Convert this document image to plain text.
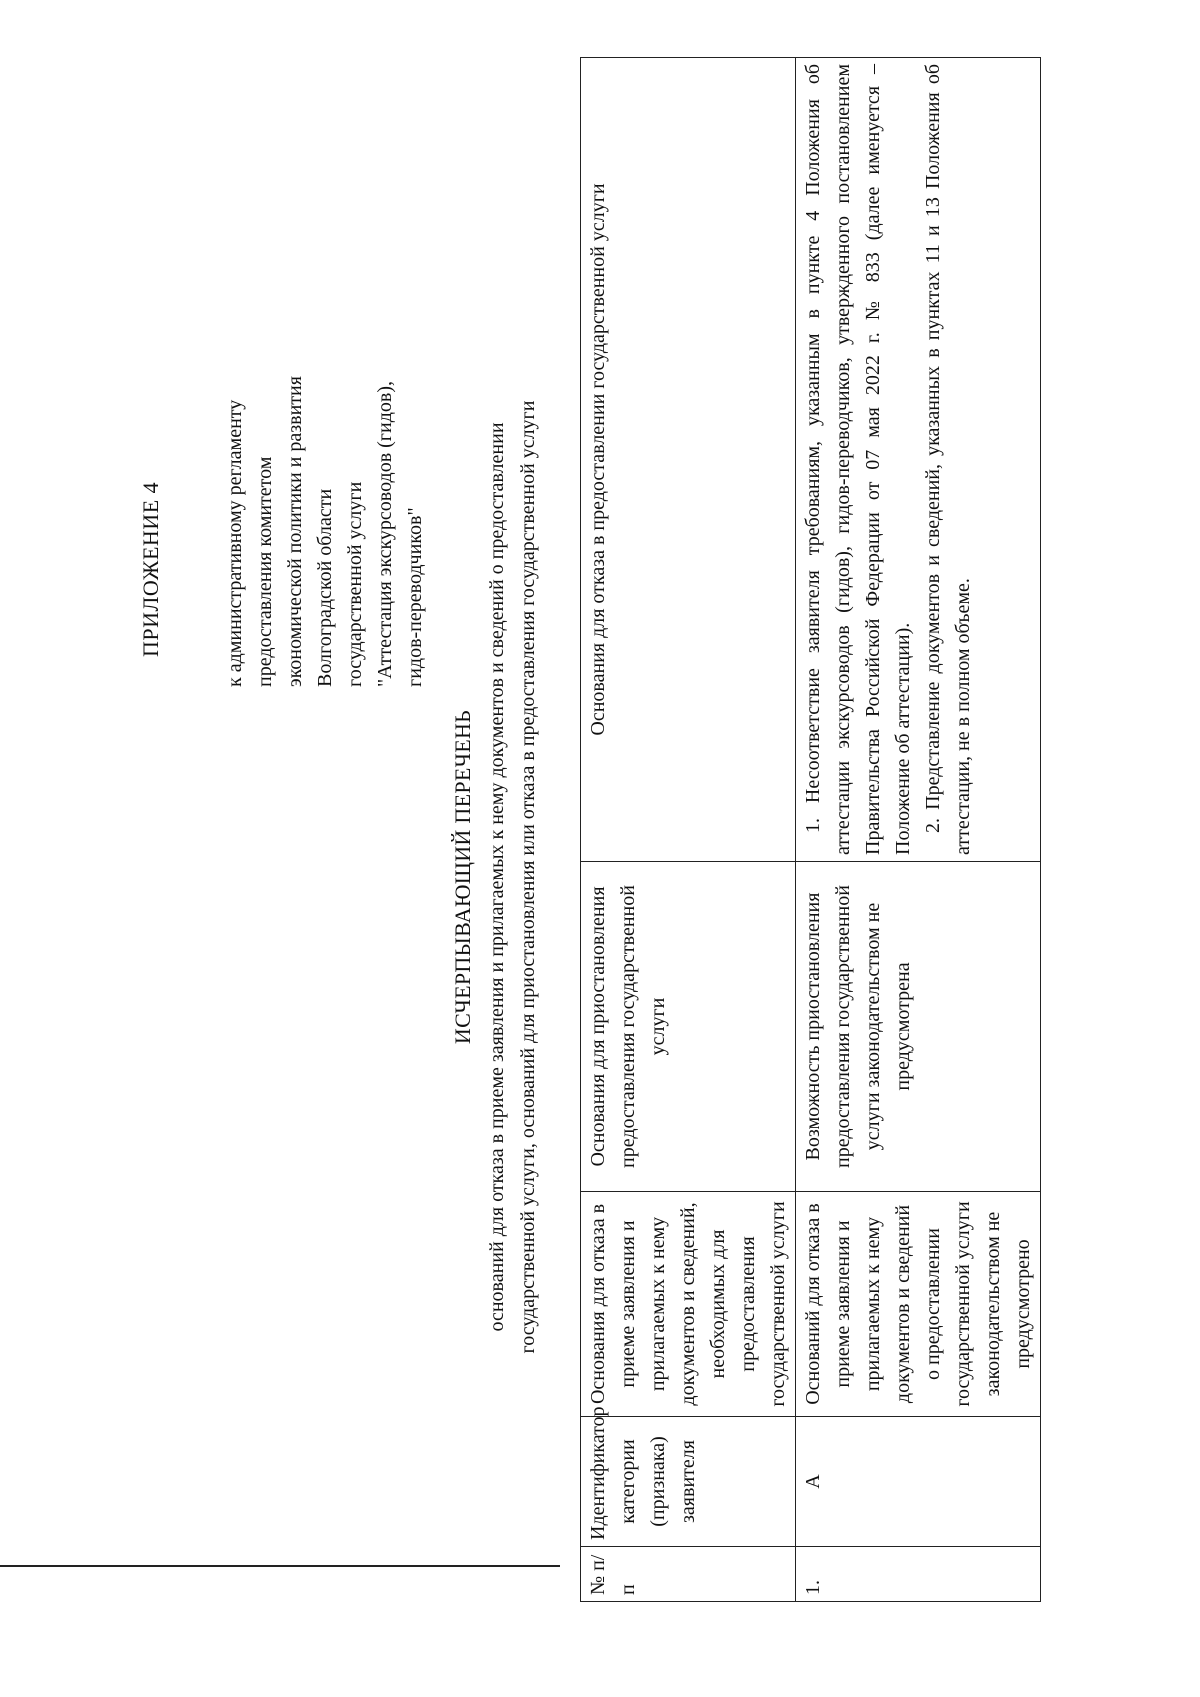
ПРИЛОЖЕНИЕ 4	к административному регламенту предоставления комитетом экономической политики и развития Волгоградской области государственной услуги "Аттестация экскурсоводов (гидов), гидов-переводчиков"
ИСЧЕРПЫВАЮЩИЙ ПЕРЕЧЕНЬ оснований для отказа в приеме заявления и прилагаемых к нему документов и сведений о предоставлении государственной услуги, оснований для приостановления или отказа в предоставления государственной услуги
№ п/п	Идентификатор категории (признака) заявителя	Основания для отказа в приеме заявления и прилагаемых к нему документов и сведений, необходимых для предоставления государственной услуги	Основания для приостановления предоставления государственной услуги	Основания для отказа в предоставлении государственной услуги
1.	А	Оснований для отказа в приеме заявления и прилагаемых к нему документов и сведений о предоставлении государственной услуги законодательством не предусмотрено	Возможность приостановления предоставления государственной услуги законодательством не предусмотрена	1. Несоответствие заявителя требованиям, указанным в пункте 4 Положения об аттестации экскурсоводов (гидов), гидов-переводчиков, утвержденного постановлением Правительства Российской Федерации от 07 мая 2022 г. № 833 (далее именуется – Положение об аттестации). 2. Представление документов и сведений, указанных в пунктах 11 и 13 Положения об аттестации, не в полном объеме.
